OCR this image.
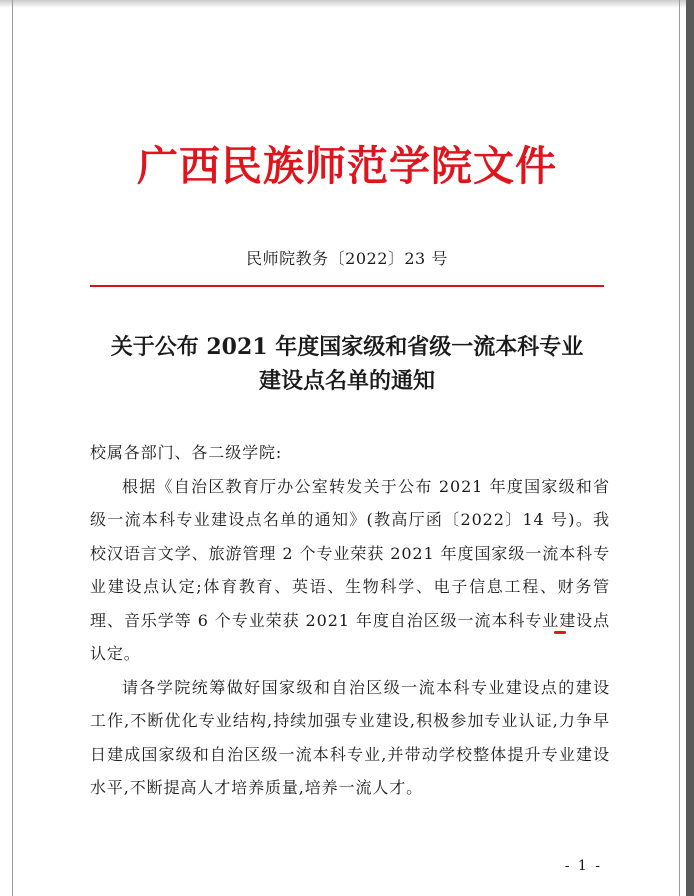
广西民族师范学院文件
民师院教务〔2022〕23 号
关于公布 2021 年度国家级和省级一流本科专业
建设点名单的通知

校属各部门、各二级学院:

根据《自治区教育厅办公室转发关于公布 2021 年度国家级和省级一流本科专业建设点名单的通知》(教高厅函〔2022〕14 号)。我校汉语言文学、旅游管理 2 个专业荣获 2021 年度国家级一流本科专业建设点认定;体育教育、英语、生物科学、电子信息工程、财务管理、音乐学等 6 个专业荣获 2021 年度自治区级一流本科专业建设点认定。

请各学院统筹做好国家级和自治区级一流本科专业建设点的建设工作,不断优化专业结构,持续加强专业建设,积极参加专业认证,力争早日建成国家级和自治区级一流本科专业,并带动学校整体提升专业建设水平,不断提高人才培养质量,培养一流人才。

- 1 -
